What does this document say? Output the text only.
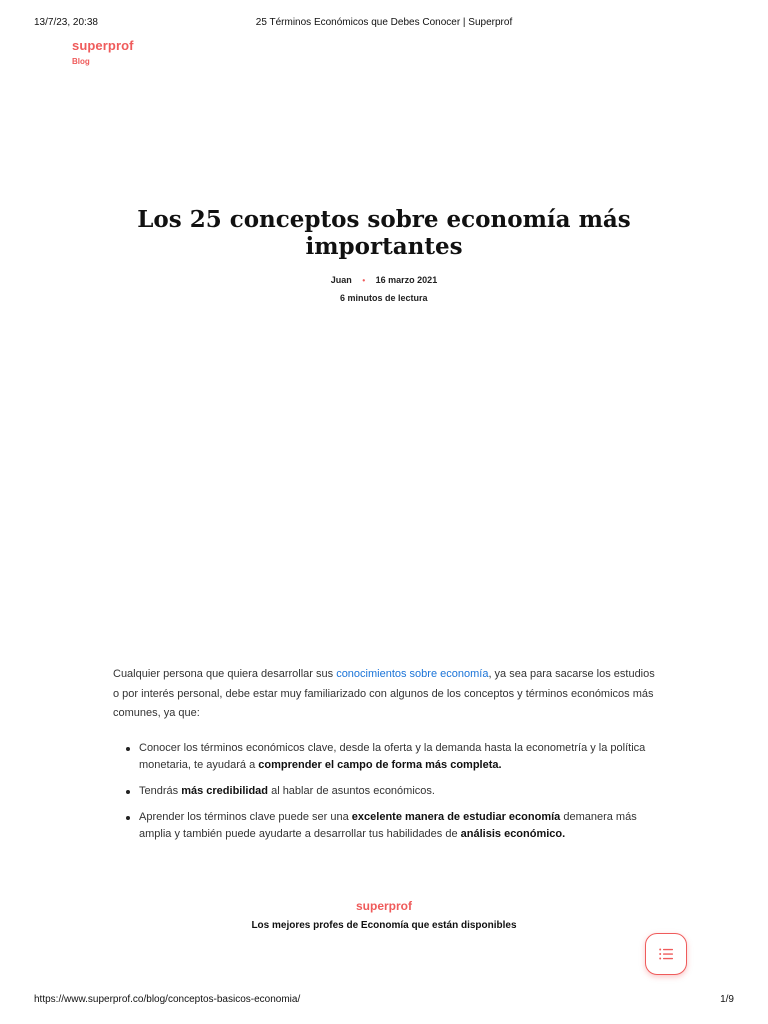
13/7/23, 20:38	25 Términos Económicos que Debes Conocer | Superprof
superprof
Blog
Los 25 conceptos sobre economía más importantes
Juan • 16 marzo 2021
6 minutos de lectura

Cualquier persona que quiera desarrollar sus conocimientos sobre economía, ya sea para sacarse los estudios o por interés personal, debe estar muy familiarizado con algunos de los conceptos y términos económicos más comunes, ya que:

Conocer los términos económicos clave, desde la oferta y la demanda hasta la econometría y la política monetaria, te ayudará a comprender el campo de forma más completa.
Tendrás más credibilidad al hablar de asuntos económicos.
Aprender los términos clave puede ser una excelente manera de estudiar economía demanera más amplia y también puede ayudarte a desarrollar tus habilidades de análisis económico.
superprof
Los mejores profes de Economía que están disponibles
https://www.superprof.co/blog/conceptos-basicos-economia/	1/9
